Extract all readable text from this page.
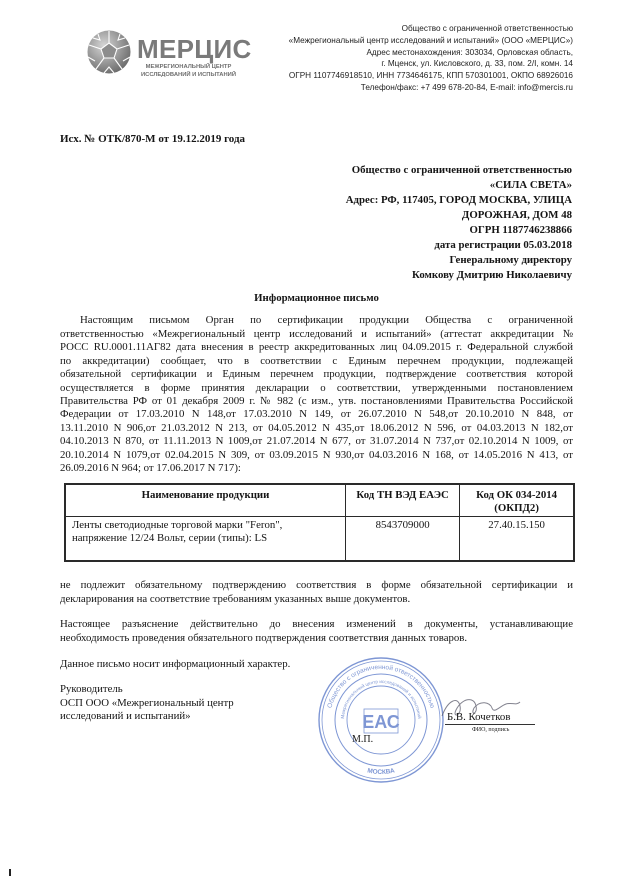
МЕРЦИС
МЕЖРЕГИОНАЛЬНЫЙ ЦЕНТР
ИССЛЕДОВАНИЙ И ИСПЫТАНИЙ
Общество с ограниченной ответственностью
«Межрегиональный центр исследований и испытаний» (ООО «МЕРЦИС»)
Адрес местонахождения: 303034, Орловская область,
г. Мценск, ул. Кисловского, д. 33, пом. 2/I, комн. 14
ОГРН 1107746918510, ИНН 7734646175, КПП 570301001, ОКПО 68926016
Телефон/факс: +7 499 678-20-84, E-mail: info@mercis.ru
Исх. № ОТК/870-М от 19.12.2019 года
Общество с ограниченной ответственностью
«СИЛА СВЕТА»
Адрес: РФ, 117405, ГОРОД МОСКВА, УЛИЦА
ДОРОЖНАЯ, ДОМ 48
ОГРН 1187746238866
дата регистрации 05.03.2018
Генеральному директору
Комкову Дмитрию Николаевичу
Информационное письмо
Настоящим письмом Орган по сертификации продукции Общества с ограниченной
ответственностью «Межрегиональный центр исследований и испытаний» (аттестат аккредитации №
РОСС RU.0001.11АГ82 дата внесения в реестр аккредитованных лиц 04.09.2015 г. Федеральной службой
по аккредитации) сообщает, что в соответствии с Единым перечнем продукции, подлежащей
обязательной сертификации и Единым перечнем продукции, подтверждение соответствия которой
осуществляется в форме принятия декларации о соответствии, утвержденными постановлением
Правительства РФ от 01 декабря 2009 г. № 982 (с изм., утв. постановлениями Правительства Российской
Федерации от 17.03.2010 N 148,от 17.03.2010 N 149, от 26.07.2010 N 548,от 20.10.2010 N 848, от
13.11.2010 N 906,от 21.03.2012 N 213, от 04.05.2012 N 435,от 18.06.2012 N 596, от 04.03.2013 N 182,от
04.10.2013 N 870, от 11.11.2013 N 1009,от 21.07.2014 N 677, от 31.07.2014 N 737,от 02.10.2014 N 1009, от
20.10.2014 N 1079,от 02.04.2015 N 309, от 03.09.2015 N 930,от 04.03.2016 N 168, от 14.05.2016 N 413, от
26.09.2016 N 964; от 17.06.2017 N 717):
Наименование продукции	Код ТН ВЭД ЕАЭС	Код ОК 034-2014 (ОКПД2)

Ленты светодиодные торговой марки "Feron", напряжение 12/24 Вольт, серии (типы): LS	8543709000	27.40.15.150
не подлежит обязательному подтверждению соответствия в форме обязательной сертификации и
декларирования на соответствие требованиям указанных выше документов.
Настоящее разъяснение действительно до внесения изменений в документы, устанавливающие
необходимость проведения обязательного подтверждения соответствия данных товаров.
Данное письмо носит информационный характер.
Руководитель
ОСП ООО «Межрегиональный центр
исследований и испытаний»
Общество с ограниченной ответственностью
МОСКВА
Межрегиональный центр исследований и испытаний
ЕАС
М.П.
Б.В. Кочетков
ФИО, подпись
